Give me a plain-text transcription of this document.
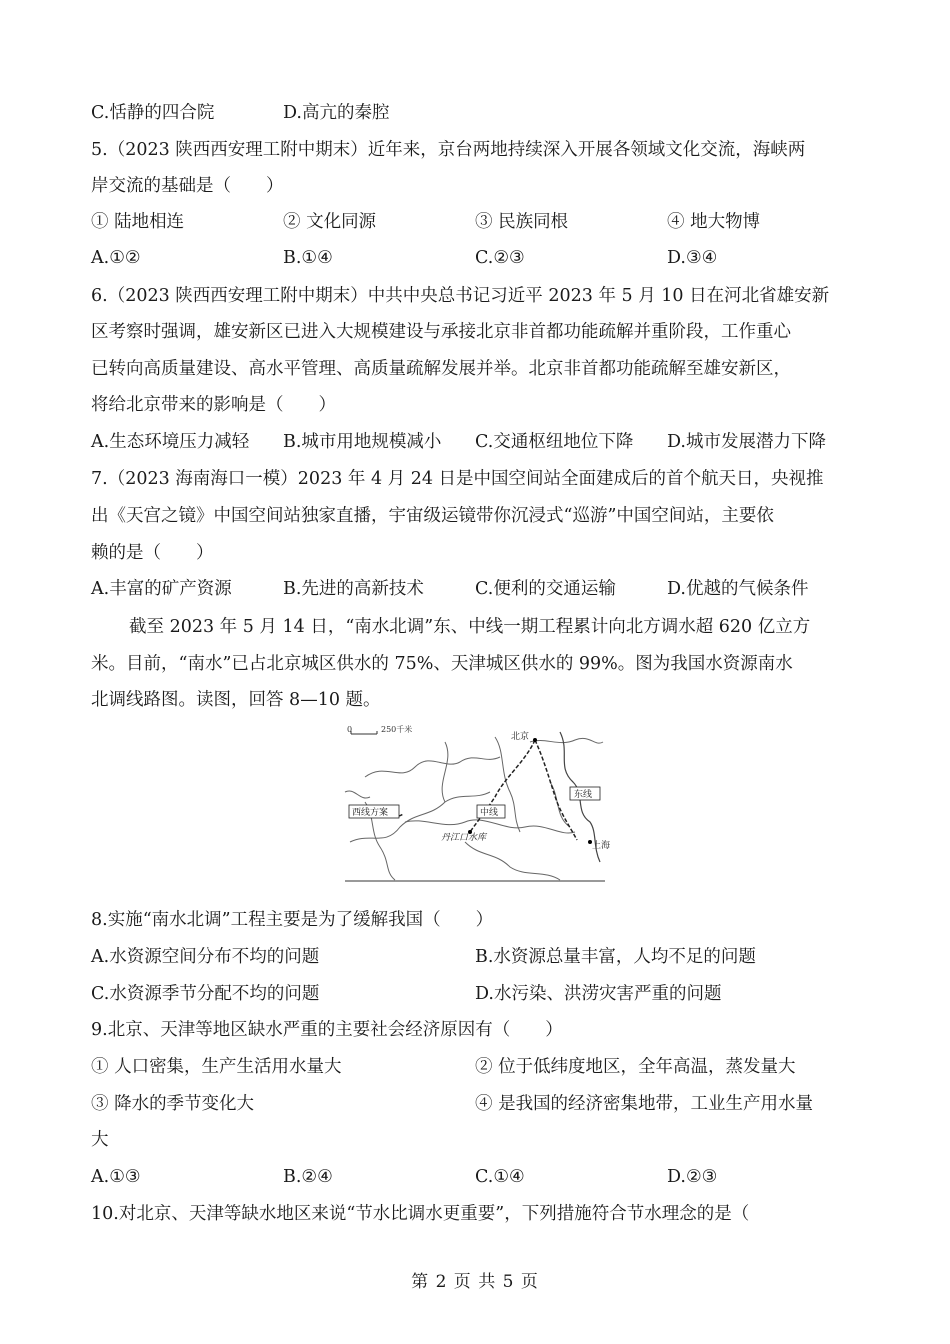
C.恬静的四合院	D.高亢的秦腔
5.（2023 陕西西安理工附中期末）近年来，京台两地持续深入开展各领域文化交流，海峡两
岸交流的基础是（　　）
① 陆地相连	② 文化同源	③ 民族同根	④ 地大物博
A.①②	B.①④	C.②③	D.③④
6.（2023 陕西西安理工附中期末）中共中央总书记习近平 2023 年 5 月 10 日在河北省雄安新
区考察时强调，雄安新区已进入大规模建设与承接北京非首都功能疏解并重阶段，工作重心
已转向高质量建设、高水平管理、高质量疏解发展并举。北京非首都功能疏解至雄安新区，
将给北京带来的影响是（　　）
A.生态环境压力减轻	B.城市用地规模减小	C.交通枢纽地位下降	D.城市发展潜力下降
7.（2023 海南海口一模）2023 年 4 月 24 日是中国空间站全面建成后的首个航天日，央视推
出《天宫之镜》中国空间站独家直播，宇宙级运镜带你沉浸式“巡游”中国空间站，主要依
赖的是（　　）
A.丰富的矿产资源	B.先进的高新技术	C.便利的交通运输	D.优越的气候条件
截至 2023 年 5 月 14 日，“南水北调”东、中线一期工程累计向北方调水超 620 亿立方
米。目前，“南水”已占北京城区供水的 75%、天津城区供水的 99%。图为我国水资源南水
北调线路图。读图，回答 8—10 题。
0	250千米
北京
西线方案	中线
东线
丹江口水库
上海
8.实施“南水北调”工程主要是为了缓解我国（　　）
A.水资源空间分布不均的问题	B.水资源总量丰富，人均不足的问题
C.水资源季节分配不均的问题	D.水污染、洪涝灾害严重的问题
9.北京、天津等地区缺水严重的主要社会经济原因有（　　）
① 人口密集，生产生活用水量大	② 位于低纬度地区，全年高温，蒸发量大
③ 降水的季节变化大	④ 是我国的经济密集地带，工业生产用水量
大
A.①③	B.②④	C.①④	D.②③
10.对北京、天津等缺水地区来说“节水比调水更重要”，下列措施符合节水理念的是（
第 2 页 共 5 页
